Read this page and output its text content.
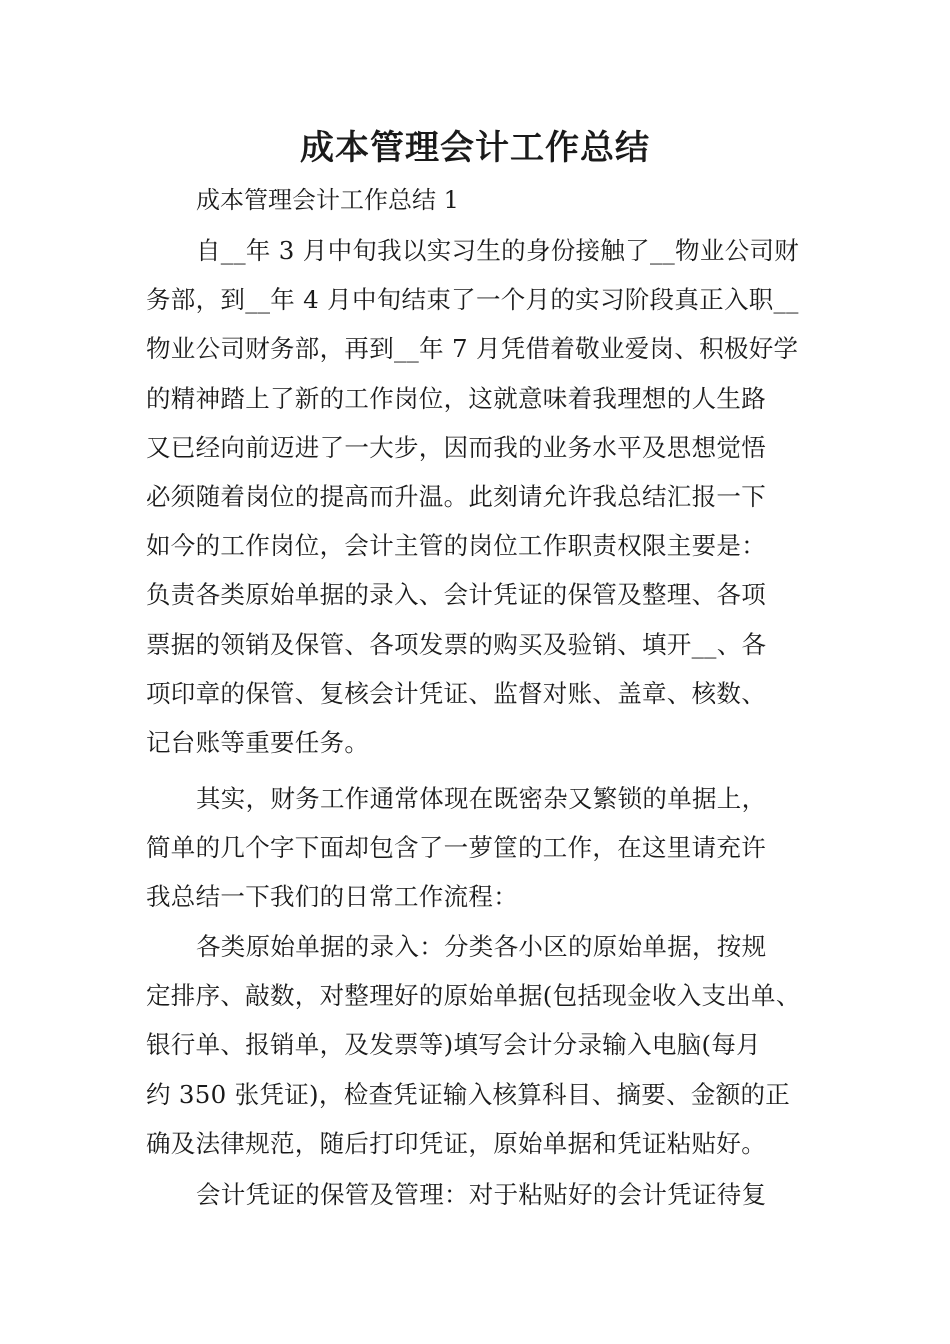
成本管理会计工作总结

成本管理会计工作总结 1

自__年 3 月中旬我以实习生的身份接触了__物业公司财
务部，到__年 4 月中旬结束了一个月的实习阶段真正入职__
物业公司财务部，再到__年 7 月凭借着敬业爱岗、积极好学
的精神踏上了新的工作岗位，这就意味着我理想的人生路
又已经向前迈进了一大步，因而我的业务水平及思想觉悟
必须随着岗位的提高而升温。此刻请允许我总结汇报一下
如今的工作岗位，会计主管的岗位工作职责权限主要是：
负责各类原始单据的录入、会计凭证的保管及整理、各项
票据的领销及保管、各项发票的购买及验销、填开__、各
项印章的保管、复核会计凭证、监督对账、盖章、核数、
记台账等重要任务。

其实，财务工作通常体现在既密杂又繁锁的单据上，
简单的几个字下面却包含了一萝筐的工作，在这里请充许
我总结一下我们的日常工作流程：

各类原始单据的录入：分类各小区的原始单据，按规
定排序、敲数，对整理好的原始单据(包括现金收入支出单、
银行单、报销单，及发票等)填写会计分录输入电脑(每月
约 350 张凭证)，检查凭证输入核算科目、摘要、金额的正
确及法律规范，随后打印凭证，原始单据和凭证粘贴好。

会计凭证的保管及管理：对于粘贴好的会计凭证待复
